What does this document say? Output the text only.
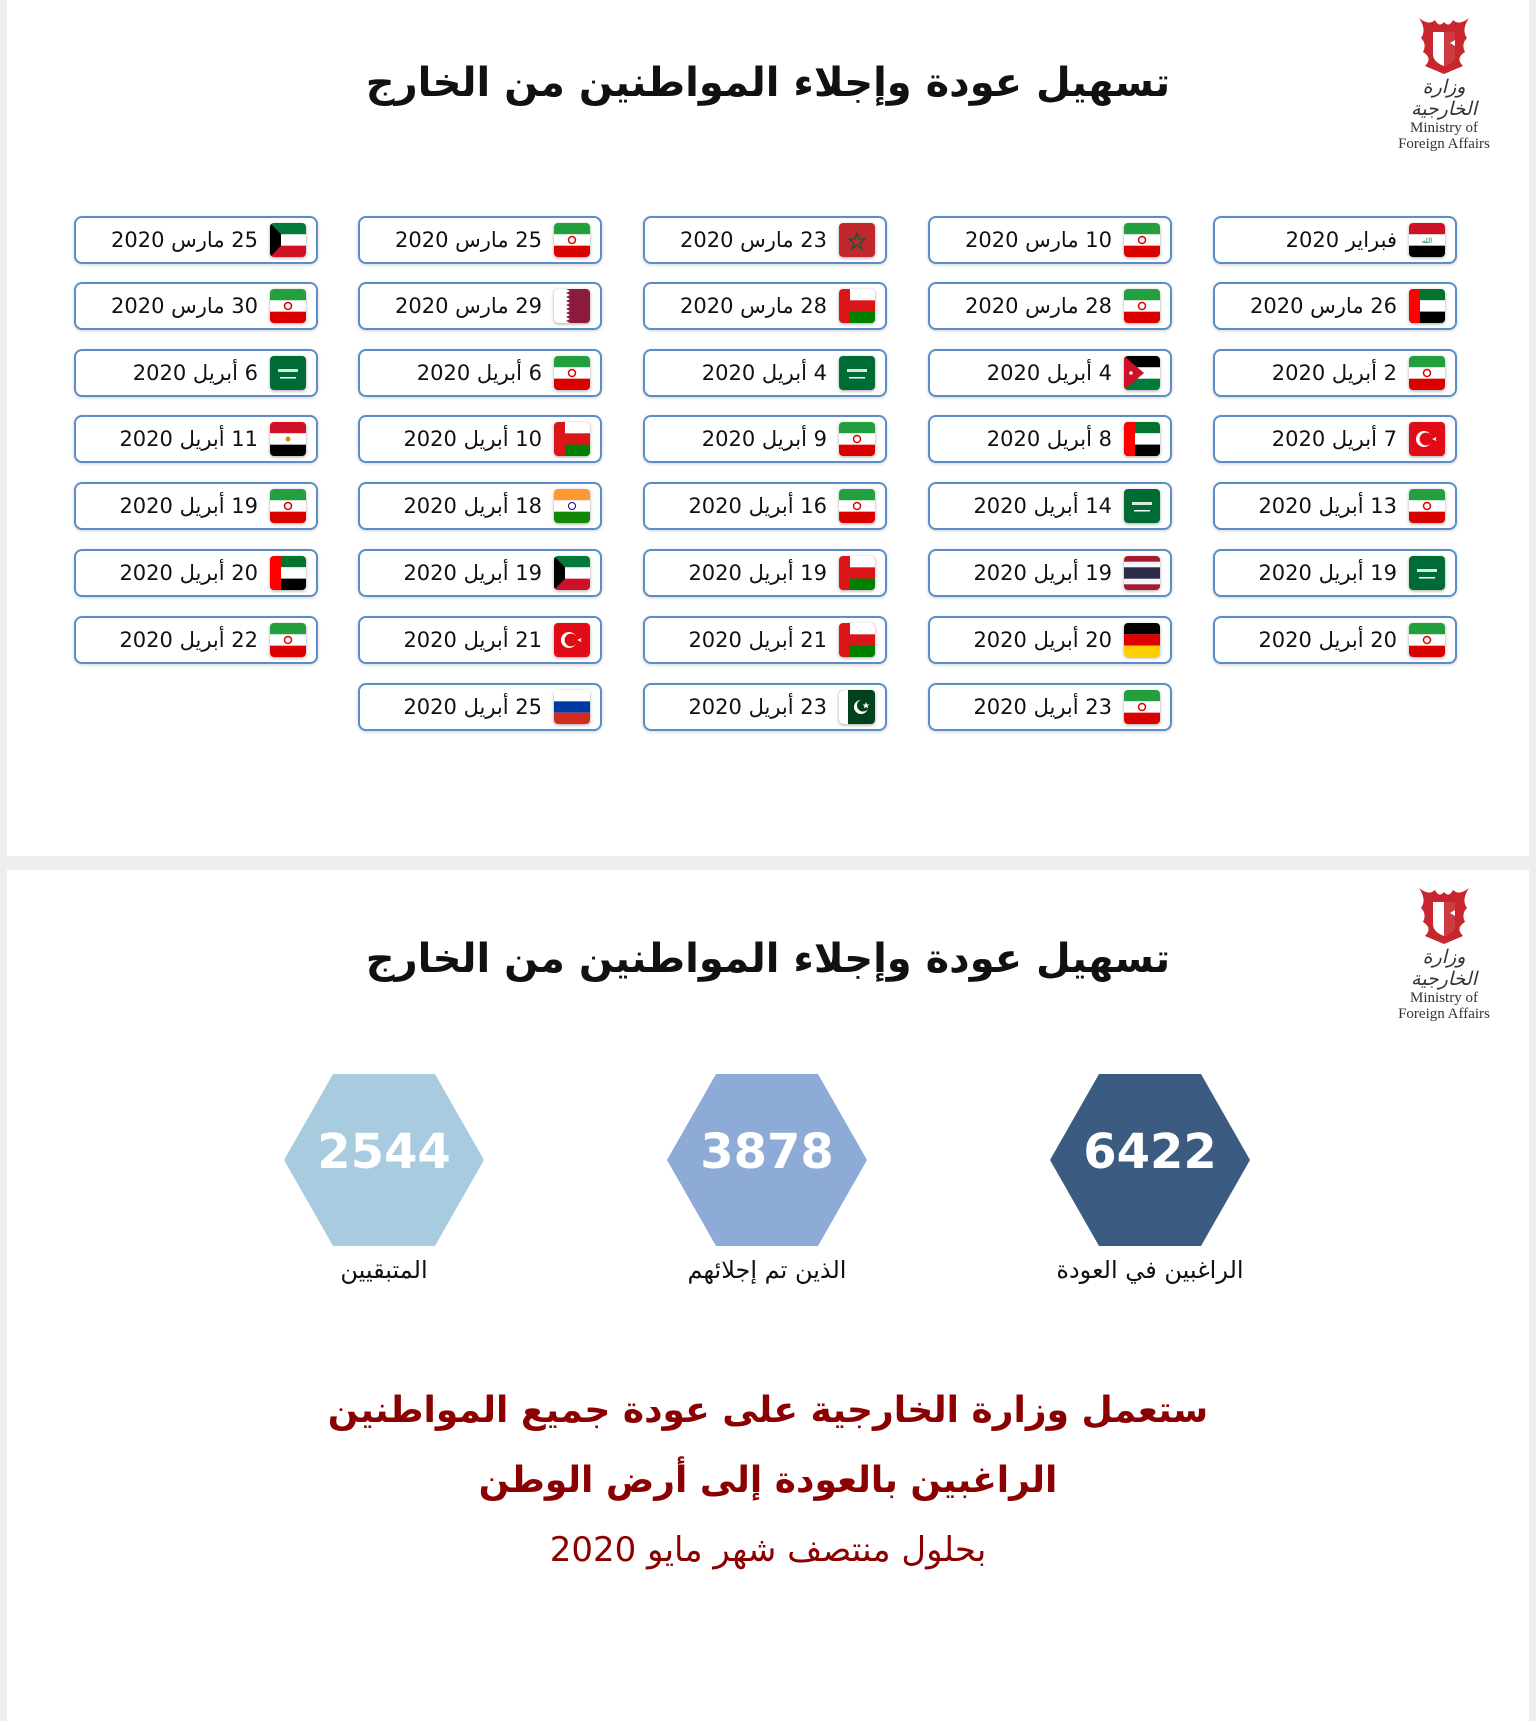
وزارة الخارجية
Ministry of
Foreign Affairs
تسهيل عودة وإجلاء المواطنين من الخارج
الله
فبراير 2020
26 مارس 2020
2 أبريل 2020
7 أبريل 2020
13 أبريل 2020
19 أبريل 2020
20 أبريل 2020
10 مارس 2020
28 مارس 2020
4 أبريل 2020
8 أبريل 2020
14 أبريل 2020
19 أبريل 2020
20 أبريل 2020
23 أبريل 2020
23 مارس 2020
28 مارس 2020
4 أبريل 2020
9 أبريل 2020
16 أبريل 2020
19 أبريل 2020
21 أبريل 2020
23 أبريل 2020
25 مارس 2020
29 مارس 2020
6 أبريل 2020
10 أبريل 2020
18 أبريل 2020
19 أبريل 2020
21 أبريل 2020
25 أبريل 2020
25 مارس 2020
30 مارس 2020
6 أبريل 2020
11 أبريل 2020
19 أبريل 2020
20 أبريل 2020
22 أبريل 2020
وزارة الخارجية
Ministry of
Foreign Affairs
تسهيل عودة وإجلاء المواطنين من الخارج
6422
الراغبين في العودة
3878
الذين تم إجلائهم
2544
المتبقيين
ستعمل وزارة الخارجية على عودة جميع المواطنين
الراغبين بالعودة إلى أرض الوطن
بحلول منتصف شهر مايو 2020
